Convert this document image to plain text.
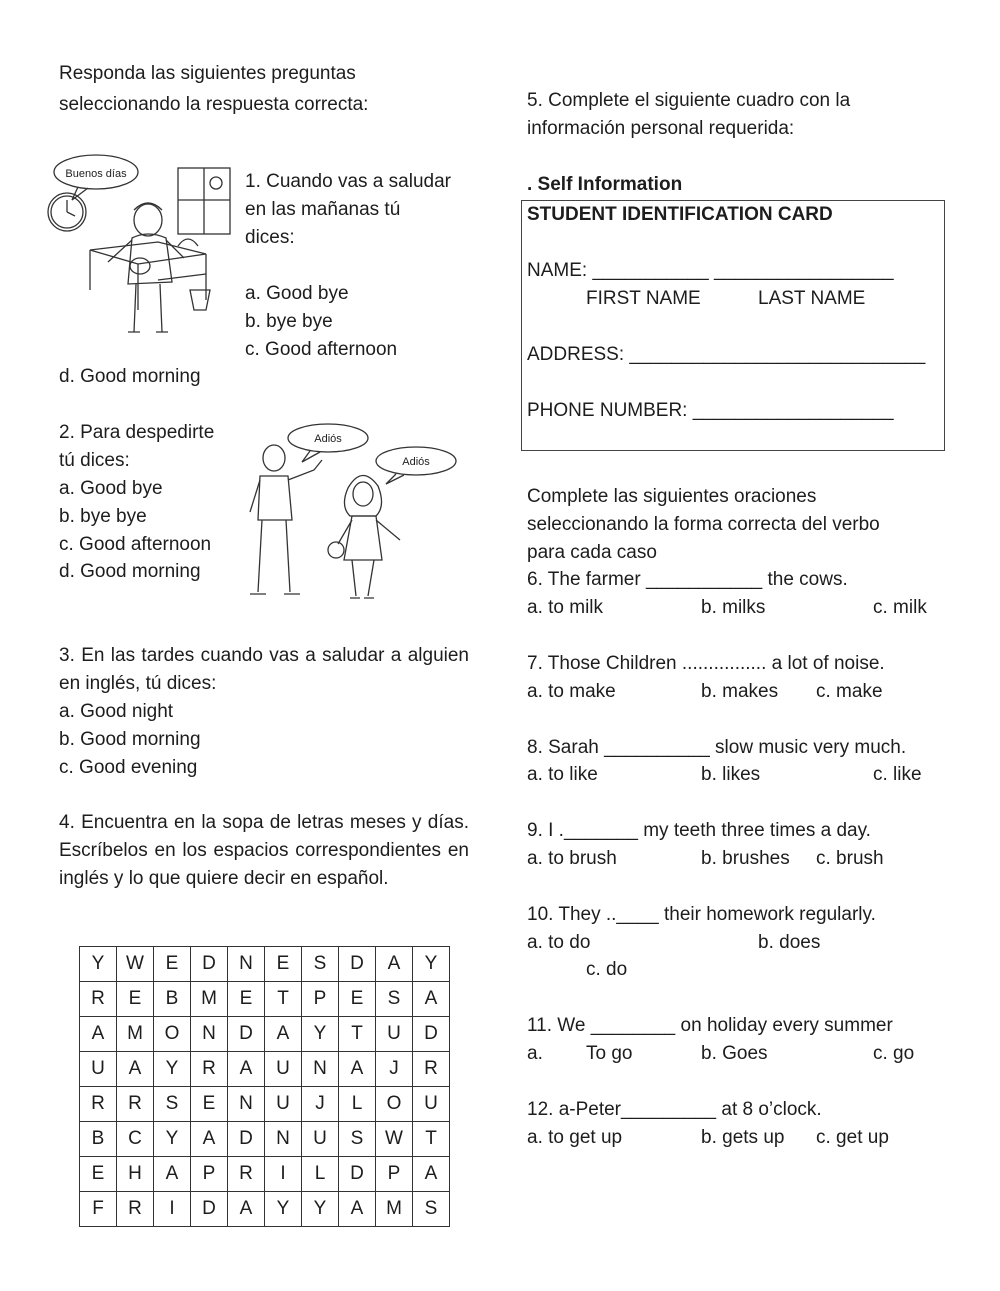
Responda las siguientes preguntas

seleccionando la respuesta correcta:

Buenos días	1. Cuando vas a saludar

en las mañanas tú

dices:

a. Good bye

b. bye bye

c. Good afternoon

d. Good morning

2. Para despedirte

tú dices:

a. Good bye

b. bye bye

c. Good afternoon

d. Good morning

Adiós
Adiós

3. En las tardes cuando vas a saludar a alguien en inglés, tú dices:

a. Good night

b. Good morning

c. Good evening

4. Encuentra en la sopa de letras meses y días. Escríbelos en los espacios correspondientes en inglés y lo que quiere decir en español.

Y	W	E	D	N	E	S	D	A	Y
R	E	B	M	E	T	P	E	S	A
A	M	O	N	D	A	Y	T	U	D
U	A	Y	R	A	U	N	A	J	R
R	R	S	E	N	U	J	L	O	U
B	C	Y	A	D	N	U	S	W	T
E	H	A	P	R	I	L	D	P	A
F	R	I	D	A	Y	Y	A	M	S

5. Complete el siguiente cuadro con la

información personal requerida:

. Self Information

STUDENT IDENTIFICATION CARD

NAME: ___________ _________________

FIRST NAME	LAST NAME

ADDRESS: ____________________________

PHONE NUMBER: ___________________

Complete las siguientes oraciones

seleccionando la forma correcta del verbo

para cada caso

6. The farmer ___________ the cows.

a. to milk	b. milks	c. milk

7. Those Children ................ a lot of noise.

a. to make	b. makes c. make

8. Sarah __________ slow music very much.

a. to like	b. likes	c. like

9. I ._______ my teeth three times a day.

a. to brush	b. brushes c. brush

10. They ..____ their homework regularly.

a. to do	b. does

c. do

11. We ________ on holiday every summer

a. To go	b. Goes	c. go

12. a-Peter_________ at 8 o’clock.

a. to get up	b. gets up c. get up
